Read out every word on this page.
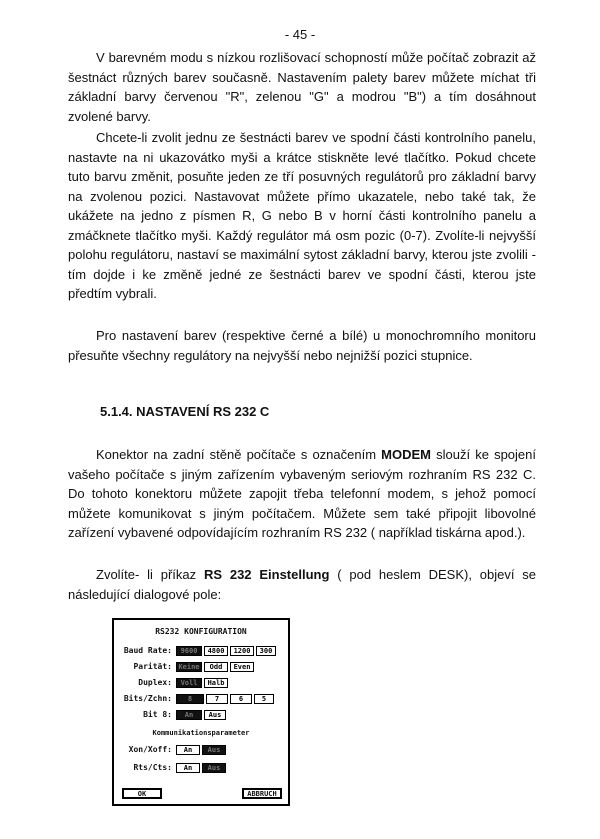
- 45 -

V barevném modu s nízkou rozlišovací schopností může počítač zobrazit až šestnáct různých barev současně. Nastavením palety barev můžete míchat tři základní barvy červenou "R", zelenou "G" a modrou "B") a tím dosáhnout zvolené barvy.

Chcete-li zvolit jednu ze šestnácti barev ve spodní části kontrolního panelu, nastavte na ni ukazovátko myši a krátce stiskněte levé tlačítko. Pokud chcete tuto barvu změnit, posuňte jeden ze tří posuvných regulátorů pro základní barvy na zvolenou pozici. Nastavovat můžete přímo ukazatele, nebo také tak, že ukážete na jedno z písmen R, G nebo B v horní části kontrolního panelu a zmáčknete tlačítko myši. Každý regulátor má osm pozic (0-7). Zvolíte-li nejvyšší polohu regulátoru, nastaví se maximální sytost základní barvy, kterou jste zvolili - tím dojde i ke změně jedné ze šestnácti barev ve spodní části, kterou jste předtím vybrali.

Pro nastavení barev (respektive černé a bílé) u monochromního monitoru přesuňte všechny regulátory na nejvyšší nebo nejnižší pozici stupnice.

5.1.4. NASTAVENÍ RS 232 C

Konektor na zadní stěně počítače s označením MODEM slouží ke spojení vašeho počítače s jiným zařízením vybaveným seriovým rozhraním RS 232 C. Do tohoto konektoru můžete zapojit třeba telefonní modem, s jehož pomocí můžete komunikovat s jiným počítačem. Můžete sem také připojit libovolné zařízení vybavené odpovídajícím rozhraním RS 232 ( například tiskárna apod.).

Zvolíte- li příkaz RS 232 Einstellung ( pod heslem DESK), objeví se následující dialogové pole:

RS232 KONFIGURATION
Baud Rate:	9600	4800	1200	300
Parität: Keine	Odd	Even
Duplex:	Voll	Halb
Bits/Zchn:	8	7	6	5
Bit 8:	An	Aus
Kommunikationsparameter
Xon/Xoff:	An	Aus
Rts/Cts:	An	Aus
OK	ABBRUCH
